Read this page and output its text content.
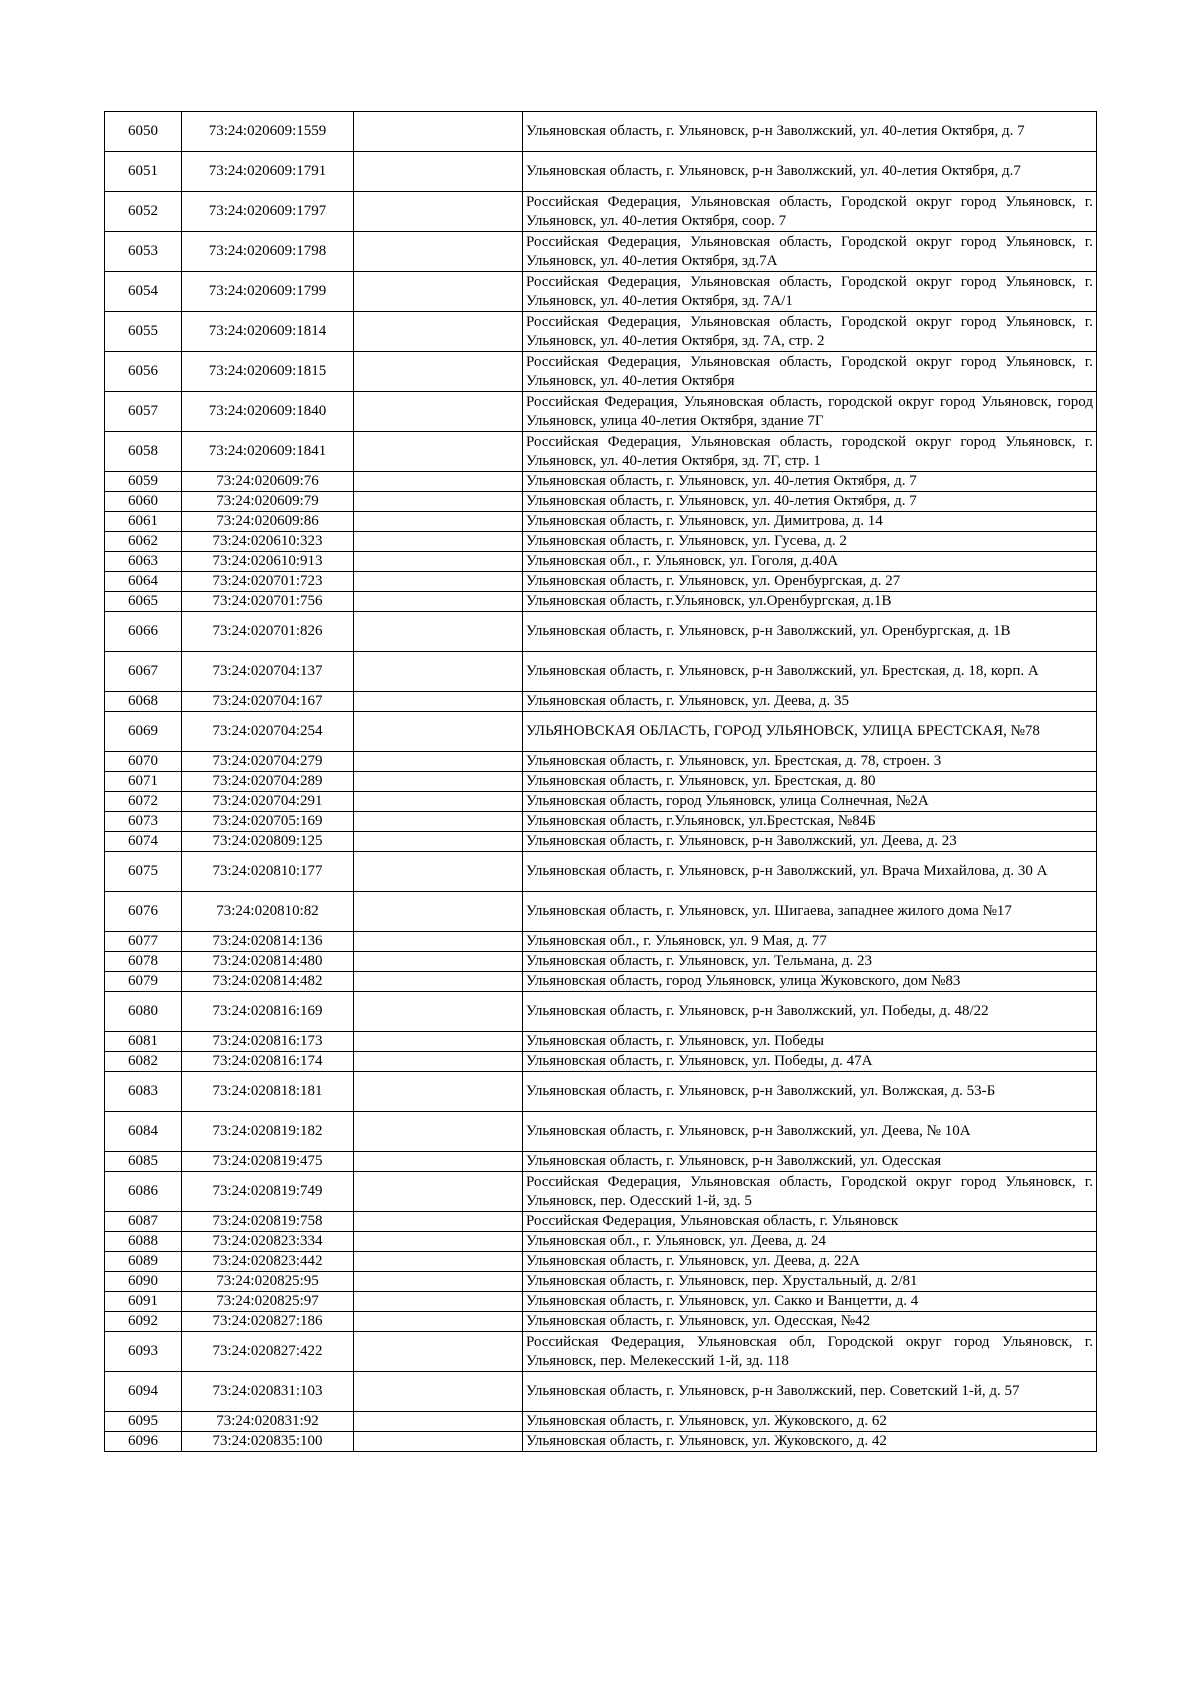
6050	73:24:020609:1559		Ульяновская область, г. Ульяновск, р-н Заволжский, ул. 40-летия Октября, д. 7
6051	73:24:020609:1791		Ульяновская область, г. Ульяновск, р-н Заволжский, ул. 40-летия Октября, д.7
6052	73:24:020609:1797		Российская Федерация, Ульяновская область, Городской округ город Ульяновск, г. Ульяновск, ул. 40-летия Октября, соор. 7
6053	73:24:020609:1798		Российская Федерация, Ульяновская область, Городской округ город Ульяновск, г. Ульяновск, ул. 40-летия Октября, зд.7А
6054	73:24:020609:1799		Российская Федерация, Ульяновская область, Городской округ город Ульяновск, г. Ульяновск, ул. 40-летия Октября, зд. 7А/1
6055	73:24:020609:1814		Российская Федерация, Ульяновская область, Городской округ город Ульяновск, г. Ульяновск, ул. 40-летия Октября, зд. 7А, стр. 2
6056	73:24:020609:1815		Российская Федерация, Ульяновская область, Городской округ город Ульяновск, г. Ульяновск, ул. 40-летия Октября
6057	73:24:020609:1840		Российская Федерация, Ульяновская область, городской округ город Ульяновск, город Ульяновск, улица 40-летия Октября, здание 7Г
6058	73:24:020609:1841		Российская Федерация, Ульяновская область, городской округ город Ульяновск, г. Ульяновск, ул. 40-летия Октября, зд. 7Г, стр. 1
6059	73:24:020609:76		Ульяновская область, г. Ульяновск, ул. 40-летия Октября, д. 7
6060	73:24:020609:79		Ульяновская область, г. Ульяновск, ул. 40-летия Октября, д. 7
6061	73:24:020609:86		Ульяновская область, г. Ульяновск, ул. Димитрова, д. 14
6062	73:24:020610:323		Ульяновская область, г. Ульяновск, ул. Гусева, д. 2
6063	73:24:020610:913		Ульяновская обл., г. Ульяновск, ул. Гоголя, д.40А
6064	73:24:020701:723		Ульяновская область, г. Ульяновск, ул. Оренбургская, д. 27
6065	73:24:020701:756		Ульяновская область, г.Ульяновск, ул.Оренбургская, д.1В
6066	73:24:020701:826		Ульяновская область, г. Ульяновск, р-н Заволжский, ул. Оренбургская, д. 1В
6067	73:24:020704:137		Ульяновская область, г. Ульяновск, р-н Заволжский, ул. Брестская, д. 18, корп. А
6068	73:24:020704:167		Ульяновская область, г. Ульяновск, ул. Деева, д. 35
6069	73:24:020704:254		УЛЬЯНОВСКАЯ ОБЛАСТЬ, ГОРОД УЛЬЯНОВСК, УЛИЦА БРЕСТСКАЯ, №78
6070	73:24:020704:279		Ульяновская область, г. Ульяновск, ул. Брестская, д. 78, строен. 3
6071	73:24:020704:289		Ульяновская область, г. Ульяновск, ул. Брестская, д. 80
6072	73:24:020704:291		Ульяновская область, город Ульяновск, улица Солнечная, №2А
6073	73:24:020705:169		Ульяновская область, г.Ульяновск, ул.Брестская, №84Б
6074	73:24:020809:125		Ульяновская область, г. Ульяновск, р-н Заволжский, ул. Деева, д. 23
6075	73:24:020810:177		Ульяновская область, г. Ульяновск, р-н Заволжский, ул. Врача Михайлова, д. 30 А
6076	73:24:020810:82		Ульяновская область, г. Ульяновск, ул. Шигаева, западнее жилого дома №17
6077	73:24:020814:136		Ульяновская обл., г. Ульяновск, ул. 9 Мая, д. 77
6078	73:24:020814:480		Ульяновская область, г. Ульяновск, ул. Тельмана, д. 23
6079	73:24:020814:482		Ульяновская область, город Ульяновск, улица Жуковского, дом №83
6080	73:24:020816:169		Ульяновская область, г. Ульяновск, р-н Заволжский, ул. Победы, д. 48/22
6081	73:24:020816:173		Ульяновская область, г. Ульяновск, ул. Победы
6082	73:24:020816:174		Ульяновская область, г. Ульяновск, ул. Победы, д. 47А
6083	73:24:020818:181		Ульяновская область, г. Ульяновск, р-н Заволжский, ул. Волжская, д. 53-Б
6084	73:24:020819:182		Ульяновская область, г. Ульяновск, р-н Заволжский, ул. Деева, № 10А
6085	73:24:020819:475		Ульяновская область, г. Ульяновск, р-н Заволжский, ул. Одесская
6086	73:24:020819:749		Российская Федерация, Ульяновская область, Городской округ город Ульяновск, г. Ульяновск, пер. Одесский 1-й, зд. 5
6087	73:24:020819:758		Российская Федерация, Ульяновская область, г. Ульяновск
6088	73:24:020823:334		Ульяновская обл., г. Ульяновск, ул. Деева, д. 24
6089	73:24:020823:442		Ульяновская область, г. Ульяновск, ул. Деева, д. 22А
6090	73:24:020825:95		Ульяновская область, г. Ульяновск, пер. Хрустальный, д. 2/81
6091	73:24:020825:97		Ульяновская область, г. Ульяновск, ул. Сакко и Ванцетти, д. 4
6092	73:24:020827:186		Ульяновская область, г. Ульяновск, ул. Одесская, №42
6093	73:24:020827:422		Российская Федерация, Ульяновская обл, Городской округ город Ульяновск, г. Ульяновск, пер. Мелекесский 1-й, зд. 118
6094	73:24:020831:103		Ульяновская область, г. Ульяновск, р-н Заволжский, пер. Советский 1-й, д. 57
6095	73:24:020831:92		Ульяновская область, г. Ульяновск, ул. Жуковского, д. 62
6096	73:24:020835:100		Ульяновская область, г. Ульяновск, ул. Жуковского, д. 42
